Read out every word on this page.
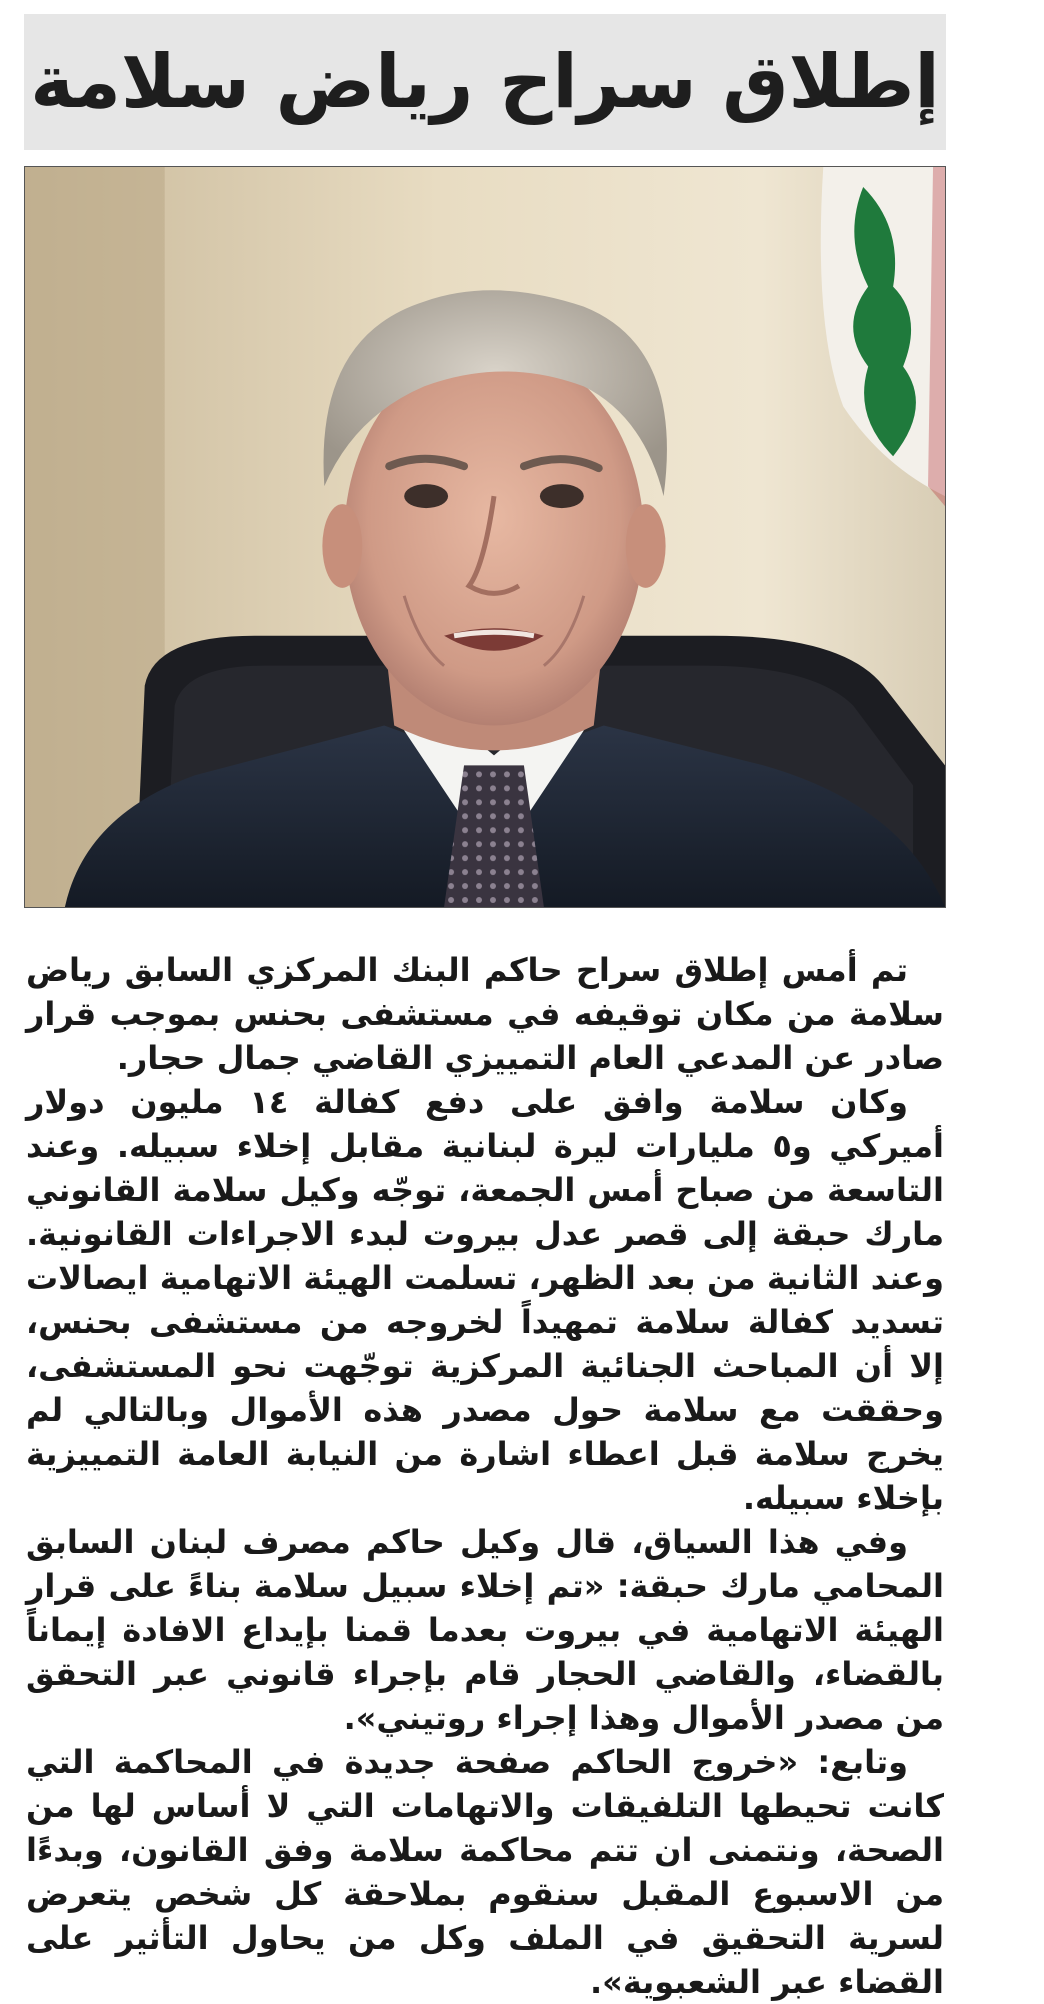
إطلاق سراح رياض سلامة

تم أمس إطلاق سراح حاكم البنك المركزي السابق رياض سلامة من مكان توقيفه في مستشفى بحنس بموجب قرار صادر عن المدعي العام التمييزي القاضي جمال حجار.

وكان سلامة وافق على دفع كفالة ١٤ مليون دولار أميركي و٥ مليارات ليرة لبنانية مقابل إخلاء سبيله. وعند التاسعة من صباح أمس الجمعة، توجّه وكيل سلامة القانوني مارك حبقة إلى قصر عدل بيروت لبدء الاجراءات القانونية. وعند الثانية من بعد الظهر، تسلمت الهيئة الاتهامية ايصالات تسديد كفالة سلامة تمهيداً لخروجه من مستشفى بحنس، إلا أن المباحث الجنائية المركزية توجّهت نحو المستشفى، وحققت مع سلامة حول مصدر هذه الأموال وبالتالي لم يخرج سلامة قبل اعطاء اشارة من النيابة العامة التمييزية بإخلاء سبيله.

وفي هذا السياق، قال وكيل حاكم مصرف لبنان السابق المحامي مارك حبقة: «تم إخلاء سبيل سلامة بناءً على قرار الهيئة الاتهامية في بيروت بعدما قمنا بإيداع الافادة إيماناً بالقضاء، والقاضي الحجار قام بإجراء قانوني عبر التحقق من مصدر الأموال وهذا إجراء روتيني».

وتابع: «خروج الحاكم صفحة جديدة في المحاكمة التي كانت تحيطها التلفيقات والاتهامات التي لا أساس لها من الصحة، ونتمنى ان تتم محاكمة سلامة وفق القانون، وبدءًا من الاسبوع المقبل سنقوم بملاحقة كل شخص يتعرض لسرية التحقيق في الملف وكل من يحاول التأثير على القضاء عبر الشعبوية».
